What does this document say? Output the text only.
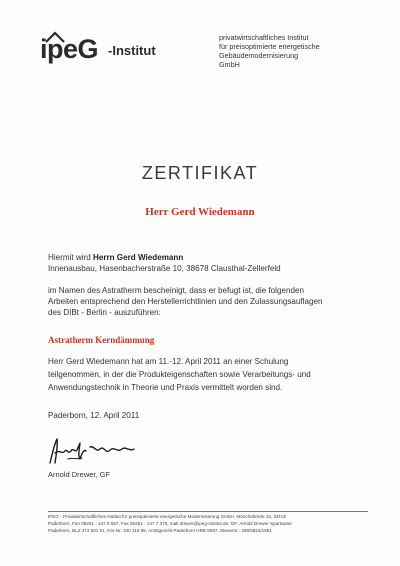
ipeG -Institut
privatwirtschaftliches Institut
für preisoptimierte energetische
Gebäudemodernisierung
GmbH
ZERTIFIKAT
Herr Gerd Wiedemann
Hiermit wird Herrn Gerd Wiedemann
Innenausbau, Hasenbacherstraße 10, 38678 Clausthal-Zellerfeld
im Namen des Astratherm bescheinigt, dass er befugt ist, die folgenden
Arbeiten entsprechend den Herstellerrichtlinien und den Zulassungsauflagen
des DIBt - Berlin - auszuführen:
Astratherm Kerndämmung
Herr Gerd Wiedemann hat am 11.-12. April 2011 an einer Schulung
teilgenommen, in der die Produkteigenschaften sowie Verarbeitungs- und
Anwendungstechnik in Theorie und Praxis vermittelt worden sind.
Paderborn, 12. April 2011
Arnold Drewer, GF
IPEG - Privatwirtschaftliches Institut für preisoptimierte energetische Modernisierung GmbH, Mönchebrede 16, 33102
Paderborn, Fon 05251 - 147 8 557, Fax 05251 - 147 7 379, mail drewer@ipeg-institut.de; GF: Arnold Drewer Sparkasse
Paderborn, BLZ 472 501 01, Kto-Nr: 340 119 99, Amtsgericht Paderborn HRB 8597, Steuernr.: 339/5824/1851
